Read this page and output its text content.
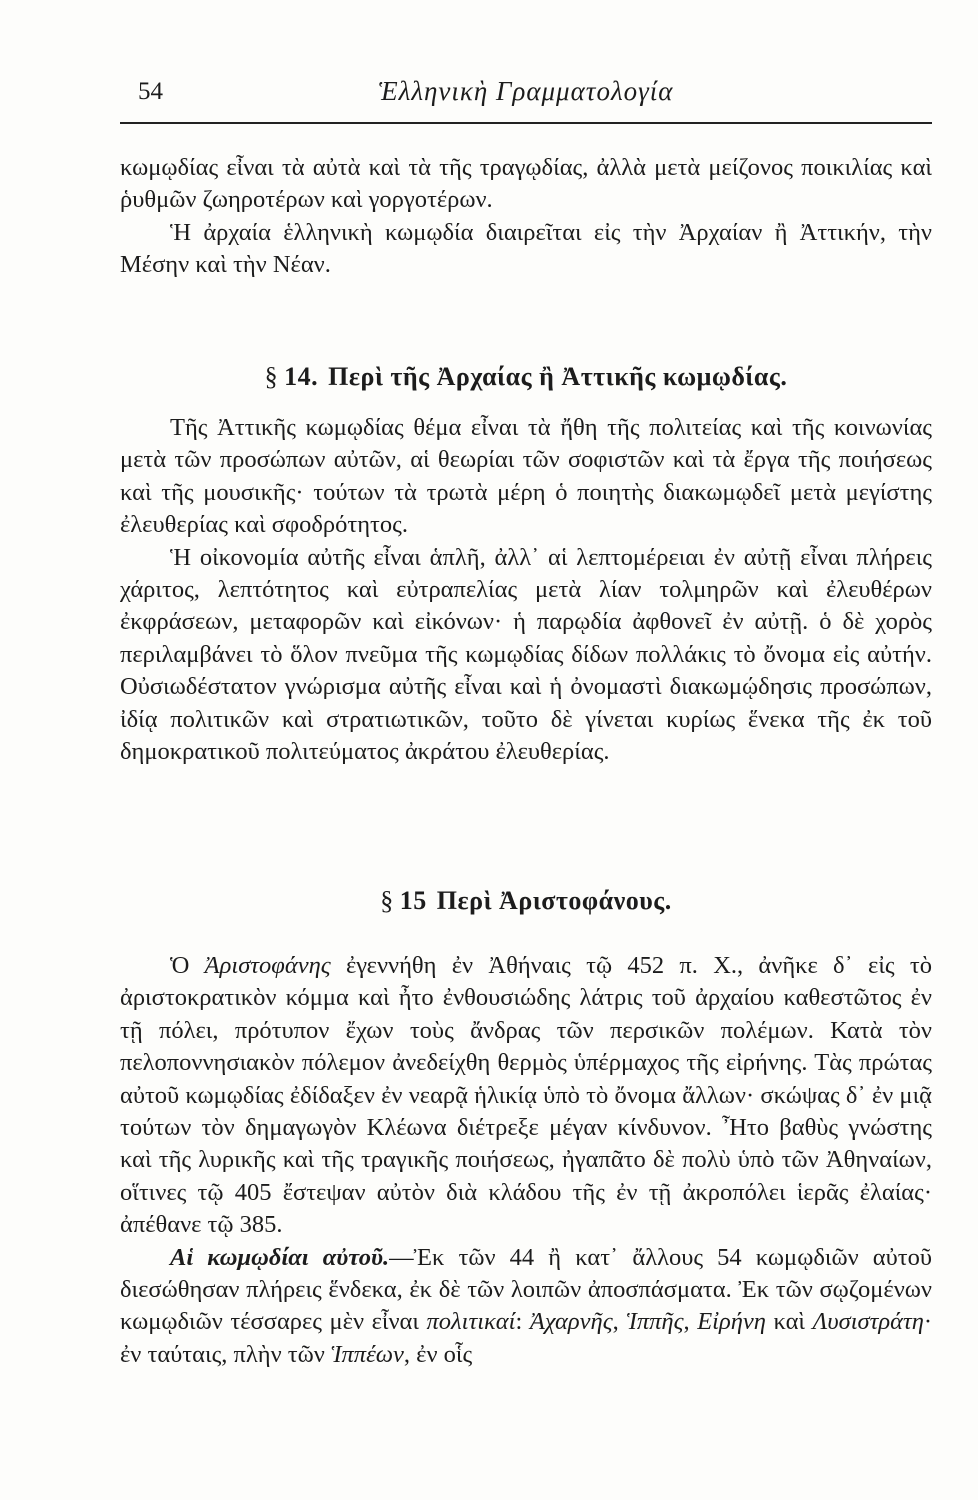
54	Ἑλληνικὴ Γραμματολογία

κωμῳδίας εἶναι τὰ αὐτὰ καὶ τὰ τῆς τραγῳδίας, ἀλλὰ μετὰ μείζονος ποικιλίας καὶ ῥυθμῶν ζωηροτέρων καὶ γοργοτέρων.

Ἡ ἀρχαία ἑλληνικὴ κωμῳδία διαιρεῖται εἰς τὴν Ἀρχαίαν ἢ Ἀττικήν, τὴν Μέσην καὶ τὴν Νέαν.

§ 14. Περὶ τῆς Ἀρχαίας ἢ Ἀττικῆς κωμῳδίας.

Τῆς Ἀττικῆς κωμῳδίας θέμα εἶναι τὰ ἤθη τῆς πολιτείας καὶ τῆς κοινωνίας μετὰ τῶν προσώπων αὐτῶν, αἱ θεωρίαι τῶν σοφιστῶν καὶ τὰ ἔργα τῆς ποιήσεως καὶ τῆς μουσικῆς· τούτων τὰ τρωτὰ μέρη ὁ ποιητὴς διακωμῳδεῖ μετὰ μεγίστης ἐλευθερίας καὶ σφοδρότητος.

Ἡ οἰκονομία αὐτῆς εἶναι ἁπλῆ, ἀλλ᾽ αἱ λεπτομέρειαι ἐν αὐτῇ εἶναι πλήρεις χάριτος, λεπτότητος καὶ εὐτραπελίας μετὰ λίαν τολμηρῶν καὶ ἐλευθέρων ἐκφράσεων, μεταφορῶν καὶ εἰκόνων· ἡ παρῳδία ἀφθονεῖ ἐν αὐτῇ. ὁ δὲ χορὸς περιλαμβάνει τὸ ὅλον πνεῦμα τῆς κωμῳδίας δίδων πολλάκις τὸ ὄνομα εἰς αὐτήν. Οὐσιωδέστατον γνώρισμα αὐτῆς εἶναι καὶ ἡ ὀνομαστὶ διακωμῴδησις προσώπων, ἰδίᾳ πολιτικῶν καὶ στρατιωτικῶν, τοῦτο δὲ γίνεται κυρίως ἕνεκα τῆς ἐκ τοῦ δημοκρατικοῦ πολιτεύματος ἀκράτου ἐλευθερίας.

§ 15 Περὶ Ἀριστοφάνους.

Ὁ Ἀριστοφάνης ἐγεννήθη ἐν Ἀθήναις τῷ 452 π. Χ., ἀνῆκε δ᾽ εἰς τὸ ἀριστοκρατικὸν κόμμα καὶ ἦτο ἐνθουσιώδης λάτρις τοῦ ἀρχαίου καθεστῶτος ἐν τῇ πόλει, πρότυπον ἔχων τοὺς ἄνδρας τῶν περσικῶν πολέμων. Κατὰ τὸν πελοποννησιακὸν πόλεμον ἀνεδείχθη θερμὸς ὑπέρμαχος τῆς εἰρήνης. Τὰς πρώτας αὐτοῦ κωμῳδίας ἐδίδαξεν ἐν νεαρᾷ ἡλικίᾳ ὑπὸ τὸ ὄνομα ἄλλων· σκώψας δ᾽ ἐν μιᾷ τούτων τὸν δημαγωγὸν Κλέωνα διέτρεξε μέγαν κίνδυνον. Ἦτο βαθὺς γνώστης καὶ τῆς λυρικῆς καὶ τῆς τραγικῆς ποιήσεως, ἠγαπᾶτο δὲ πολὺ ὑπὸ τῶν Ἀθηναίων, οἵτινες τῷ 405 ἔστεψαν αὐτὸν διὰ κλάδου τῆς ἐν τῇ ἀκροπόλει ἱερᾶς ἐλαίας· ἀπέθανε τῷ 385.

Αἱ κωμῳδίαι αὐτοῦ.—Ἐκ τῶν 44 ἢ κατ᾽ ἄλλους 54 κωμῳδιῶν αὐτοῦ διεσώθησαν πλήρεις ἕνδεκα, ἐκ δὲ τῶν λοιπῶν ἀποσπάσματα. Ἐκ τῶν σῳζομένων κωμῳδιῶν τέσσαρες μὲν εἶναι πολιτικαί: Ἀχαρνῆς, Ἱππῆς, Εἰρήνη καὶ Λυσιστράτη· ἐν ταύταις, πλὴν τῶν Ἱππέων, ἐν οἷς
